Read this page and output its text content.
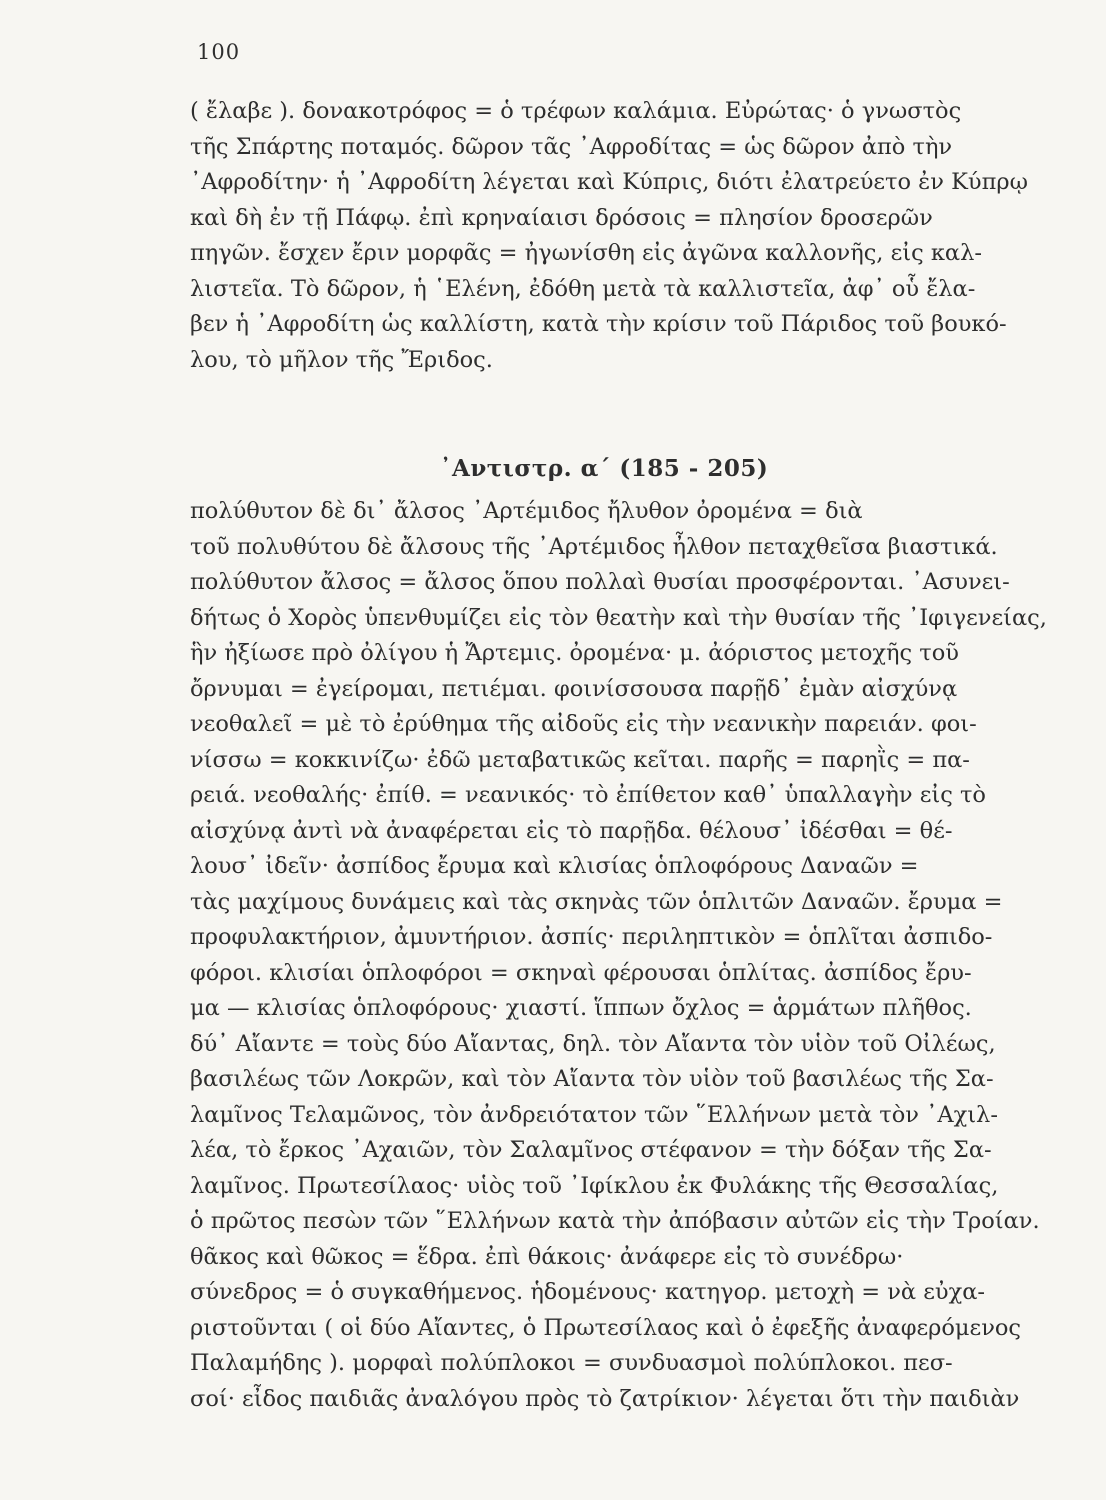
100
( ἔλαβε ). δονακοτρόφος = ὁ τρέφων καλάμια. Εὐρώτας· ὁ γνωστὸς
τῆς Σπάρτης ποταμός. δῶρον τᾶς ᾽Αφροδίτας = ὡς δῶρον ἀπὸ τὴν
᾽Αφροδίτην· ἡ ᾽Αφροδίτη λέγεται καὶ Κύπρις, διότι ἐλατρεύετο ἐν Κύπρῳ
καὶ δὴ ἐν τῇ Πάφῳ. ἐπὶ κρηναίαισι δρόσοις = πλησίον δροσερῶν
πηγῶν. ἔσχεν ἔριν μορφᾶς = ἠγωνίσθη εἰς ἀγῶνα καλλονῆς, εἰς καλ-
λιστεῖα. Τὸ δῶρον, ἡ ῾Ελένη, ἐδόθη μετὰ τὰ καλλιστεῖα, ἀφ᾽ οὗ ἔλα-
βεν ἡ ᾽Αφροδίτη ὡς καλλίστη, κατὰ τὴν κρίσιν τοῦ Πάριδος τοῦ βουκό-
λου, τὸ μῆλον τῆς Ἔριδος.
᾽Αντιστρ. α΄ (185 - 205)
πολύθυτον δὲ δι᾽ ἄλσος ᾽Αρτέμιδος ἤλυθον ὀρομένα = διὰ
τοῦ πολυθύτου δὲ ἄλσους τῆς ᾽Αρτέμιδος ἦλθον πεταχθεῖσα βιαστικά.
πολύθυτον ἄλσος = ἄλσος ὅπου πολλαὶ θυσίαι προσφέρονται. ᾽Ασυνει-
δήτως ὁ Χορὸς ὑπενθυμίζει εἰς τὸν θεατὴν καὶ τὴν θυσίαν τῆς ᾽Ιφιγενείας,
ἣν ἠξίωσε πρὸ ὀλίγου ἡ Ἄρτεμις. ὀρομένα· μ. ἀόριστος μετοχῆς τοῦ
ὄρνυμαι = ἐγείρομαι, πετιέμαι. φοινίσσουσα παρῇδ᾽ ἐμὰν αἰσχύνᾳ
νεοθαλεῖ = μὲ τὸ ἐρύθημα τῆς αἰδοῦς εἰς τὴν νεανικὴν παρειάν. φοι-
νίσσω = κοκκινίζω· ἐδῶ μεταβατικῶς κεῖται. παρῆς = παρηῒς = πα-
ρειά. νεοθαλής· ἐπίθ. = νεανικός· τὸ ἐπίθετον καθ᾽ ὑπαλλαγὴν εἰς τὸ
αἰσχύνᾳ ἀντὶ νὰ ἀναφέρεται εἰς τὸ παρῇδα. θέλουσ᾽ ἰδέσθαι = θέ-
λουσ᾽ ἰδεῖν· ἀσπίδος ἔρυμα καὶ κλισίας ὁπλοφόρους Δαναῶν =
τὰς μαχίμους δυνάμεις καὶ τὰς σκηνὰς τῶν ὁπλιτῶν Δαναῶν. ἔρυμα =
προφυλακτήριον, ἀμυντήριον. ἀσπίς· περιληπτικὸν = ὁπλῖται ἀσπιδο-
φόροι. κλισίαι ὁπλοφόροι = σκηναὶ φέρουσαι ὁπλίτας. ἀσπίδος ἔρυ-
μα — κλισίας ὁπλοφόρους· χιαστί. ἵππων ὄχλος = ἁρμάτων πλῆθος.
δύ᾽ Αἴαντε = τοὺς δύο Αἴαντας, δηλ. τὸν Αἴαντα τὸν υἱὸν τοῦ Οἰλέως,
βασιλέως τῶν Λοκρῶν, καὶ τὸν Αἴαντα τὸν υἱὸν τοῦ βασιλέως τῆς Σα-
λαμῖνος Τελαμῶνος, τὸν ἀνδρειότατον τῶν ῞Ελλήνων μετὰ τὸν ᾽Αχιλ-
λέα, τὸ ἔρκος ᾽Αχαιῶν, τὸν Σαλαμῖνος στέφανον = τὴν δόξαν τῆς Σα-
λαμῖνος. Πρωτεσίλαος· υἱὸς τοῦ ᾽Ιφίκλου ἐκ Φυλάκης τῆς Θεσσαλίας,
ὁ πρῶτος πεσὼν τῶν ῞Ελλήνων κατὰ τὴν ἀπόβασιν αὐτῶν εἰς τὴν Τροίαν.
θᾶκος καὶ θῶκος = ἕδρα. ἐπὶ θάκοις· ἀνάφερε εἰς τὸ συνέδρω·
σύνεδρος = ὁ συγκαθήμενος. ἡδομένους· κατηγορ. μετοχὴ = νὰ εὐχα-
ριστοῦνται ( οἱ δύο Αἴαντες, ὁ Πρωτεσίλαος καὶ ὁ ἐφεξῆς ἀναφερόμενος
Παλαμήδης ). μορφαὶ πολύπλοκοι = συνδυασμοὶ πολύπλοκοι. πεσ-
σοί· εἶδος παιδιᾶς ἀναλόγου πρὸς τὸ ζατρίκιον· λέγεται ὅτι τὴν παιδιὰν
